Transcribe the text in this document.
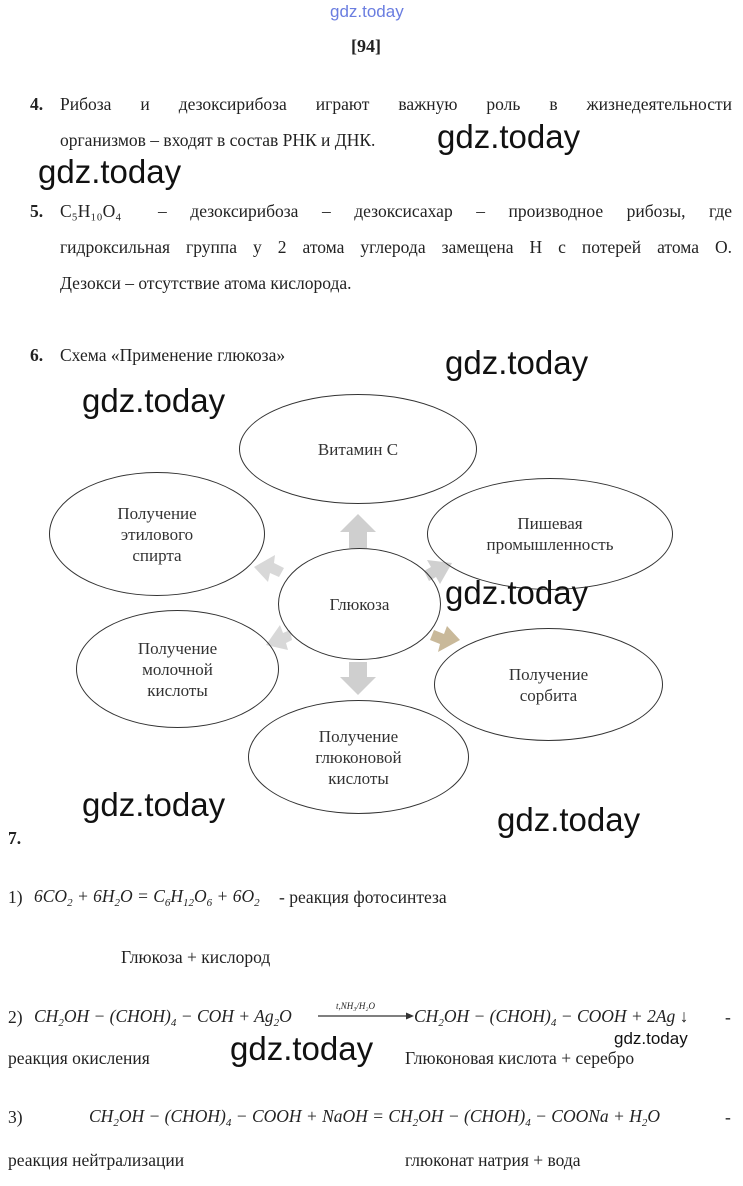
gdz.today
[94]
4. Рибоза и дезоксирибоза играют важную роль в жизнедеятельности
организмов – входят в состав РНК и ДНК. gdz.today
gdz.today
5. C₅H₁₀O₄ – дезоксирибоза – дезоксисахар – производное рибозы, где
гидроксильная группа у 2 атома углерода замещена Н с потерей атома О.
Дезокси – отсутствие атома кислорода.
6. Схема «Применение глюкоза»	gdz.today
gdz.today
Витамин С
Пишевая
промышленность
Получение
этилового
спирта
Глюкоза
Получение
молочной
кислоты
Получение
сорбита
Получение
глюконовой
кислоты
gdz.today
gdz.today	gdz.today
7.
1) $6CO_2 + 6H_2O = C_6H_{12}O_6 + 6O_2$ - реакция фотосинтеза
Глюкоза + кислород
2) $CH_2OH$ − $(CHOH)_4$ − COH + $Ag_2O$	t,NH₃/H₂O $CH_2OH$ − $(CHOH)_4$ − COOH + 2Ag ↓ -
gdz.today
реакция окисления gdz.today Глюконовая кислота + серебро
3)	$CH_2OH$ − $(CHOH)_4$ − COOH + NaOH = $CH_2OH$ − $(CHOH)_4$ − COONa + $H_2O$	-
реакция нейтрализации	глюконат натрия + вода
